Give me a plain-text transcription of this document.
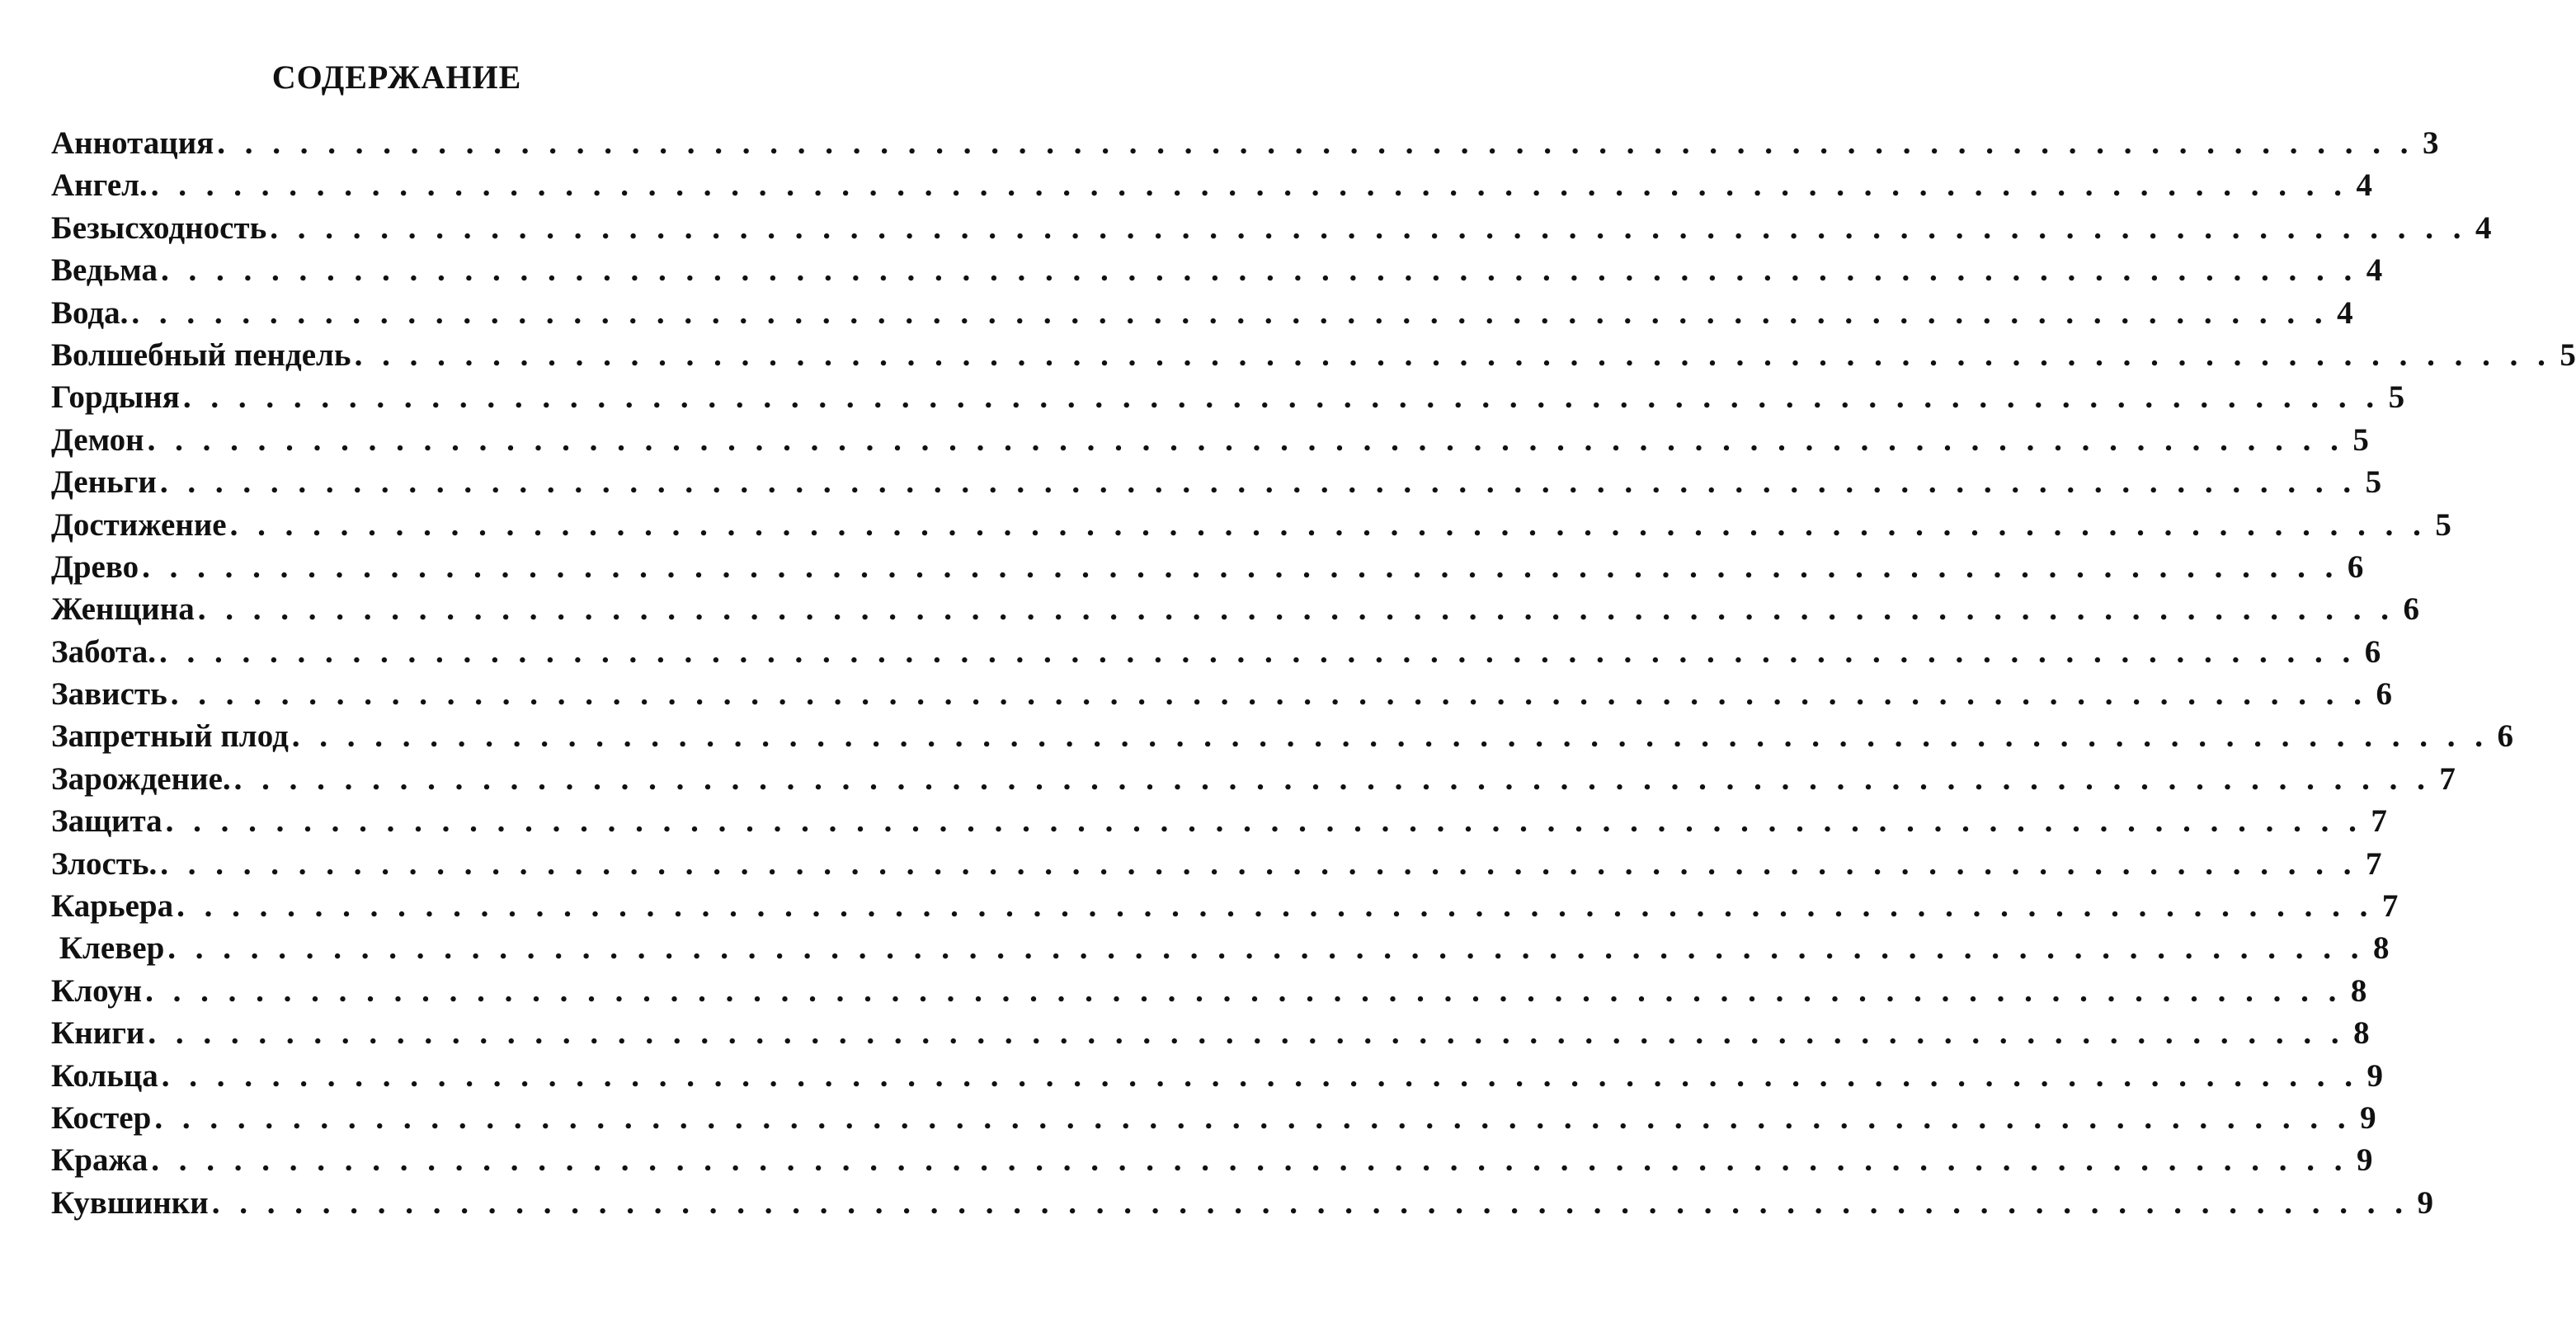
СОДЕРЖАНИЕ
Аннотация . . . . . . . . . . . . . . . . . . . . . . . . . . . . . . . . . . . . . . . . . . . . . . . . . . . . . . . . . . . . . . . . . . . . . . . . . . . . . . . . 3
Ангел. . . . . . . . . . . . . . . . . . . . . . . . . . . . . . . . . . . . . . . . . . . . . . . . . . . . . . . . . . . . . . . . . . . . . . . . . . . . . . . . . 4
Безысходность . . . . . . . . . . . . . . . . . . . . . . . . . . . . . . . . . . . . . . . . . . . . . . . . . . . . . . . . . . . . . . . . . . . . . . . . . . . . . . . . 4
Ведьма . . . . . . . . . . . . . . . . . . . . . . . . . . . . . . . . . . . . . . . . . . . . . . . . . . . . . . . . . . . . . . . . . . . . . . . . . . . . . . . . 4
Вода. . . . . . . . . . . . . . . . . . . . . . . . . . . . . . . . . . . . . . . . . . . . . . . . . . . . . . . . . . . . . . . . . . . . . . . . . . . . . . . . . 4
Волшебный пендель . . . . . . . . . . . . . . . . . . . . . . . . . . . . . . . . . . . . . . . . . . . . . . . . . . . . . . . . . . . . . . . . . . . . . . . . . . . . . . . . 5
Гордыня . . . . . . . . . . . . . . . . . . . . . . . . . . . . . . . . . . . . . . . . . . . . . . . . . . . . . . . . . . . . . . . . . . . . . . . . . . . . . . . . 5
Демон . . . . . . . . . . . . . . . . . . . . . . . . . . . . . . . . . . . . . . . . . . . . . . . . . . . . . . . . . . . . . . . . . . . . . . . . . . . . . . . . 5
Деньги . . . . . . . . . . . . . . . . . . . . . . . . . . . . . . . . . . . . . . . . . . . . . . . . . . . . . . . . . . . . . . . . . . . . . . . . . . . . . . . . 5
Достижение . . . . . . . . . . . . . . . . . . . . . . . . . . . . . . . . . . . . . . . . . . . . . . . . . . . . . . . . . . . . . . . . . . . . . . . . . . . . . . . . 5
Древо . . . . . . . . . . . . . . . . . . . . . . . . . . . . . . . . . . . . . . . . . . . . . . . . . . . . . . . . . . . . . . . . . . . . . . . . . . . . . . . . 6
Женщина . . . . . . . . . . . . . . . . . . . . . . . . . . . . . . . . . . . . . . . . . . . . . . . . . . . . . . . . . . . . . . . . . . . . . . . . . . . . . . . . 6
Забота. . . . . . . . . . . . . . . . . . . . . . . . . . . . . . . . . . . . . . . . . . . . . . . . . . . . . . . . . . . . . . . . . . . . . . . . . . . . . . . . . 6
Зависть . . . . . . . . . . . . . . . . . . . . . . . . . . . . . . . . . . . . . . . . . . . . . . . . . . . . . . . . . . . . . . . . . . . . . . . . . . . . . . . . 6
Запретный плод . . . . . . . . . . . . . . . . . . . . . . . . . . . . . . . . . . . . . . . . . . . . . . . . . . . . . . . . . . . . . . . . . . . . . . . . . . . . . . . . 6
Зарождение. . . . . . . . . . . . . . . . . . . . . . . . . . . . . . . . . . . . . . . . . . . . . . . . . . . . . . . . . . . . . . . . . . . . . . . . . . . . . . . . . 7
Защита . . . . . . . . . . . . . . . . . . . . . . . . . . . . . . . . . . . . . . . . . . . . . . . . . . . . . . . . . . . . . . . . . . . . . . . . . . . . . . . . 7
Злость. . . . . . . . . . . . . . . . . . . . . . . . . . . . . . . . . . . . . . . . . . . . . . . . . . . . . . . . . . . . . . . . . . . . . . . . . . . . . . . . . 7
Карьера . . . . . . . . . . . . . . . . . . . . . . . . . . . . . . . . . . . . . . . . . . . . . . . . . . . . . . . . . . . . . . . . . . . . . . . . . . . . . . . . 7
Клевер . . . . . . . . . . . . . . . . . . . . . . . . . . . . . . . . . . . . . . . . . . . . . . . . . . . . . . . . . . . . . . . . . . . . . . . . . . . . . . . . 8
Клоун . . . . . . . . . . . . . . . . . . . . . . . . . . . . . . . . . . . . . . . . . . . . . . . . . . . . . . . . . . . . . . . . . . . . . . . . . . . . . . . . 8
Книги . . . . . . . . . . . . . . . . . . . . . . . . . . . . . . . . . . . . . . . . . . . . . . . . . . . . . . . . . . . . . . . . . . . . . . . . . . . . . . . . 8
Кольца . . . . . . . . . . . . . . . . . . . . . . . . . . . . . . . . . . . . . . . . . . . . . . . . . . . . . . . . . . . . . . . . . . . . . . . . . . . . . . . . 9
Костер . . . . . . . . . . . . . . . . . . . . . . . . . . . . . . . . . . . . . . . . . . . . . . . . . . . . . . . . . . . . . . . . . . . . . . . . . . . . . . . . 9
Кража . . . . . . . . . . . . . . . . . . . . . . . . . . . . . . . . . . . . . . . . . . . . . . . . . . . . . . . . . . . . . . . . . . . . . . . . . . . . . . . . 9
Кувшинки . . . . . . . . . . . . . . . . . . . . . . . . . . . . . . . . . . . . . . . . . . . . . . . . . . . . . . . . . . . . . . . . . . . . . . . . . . . . . . . . 9
